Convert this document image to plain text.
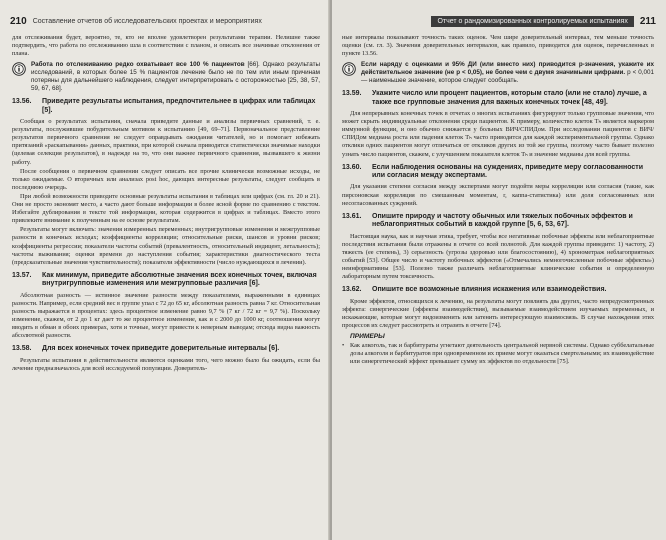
210 Составление отчетов об исследовательских проектах и мероприятиях

для отслеживания будет, вероятно, те, кто не вполне удовлетворен результатами терапии. Нелишне также подтвердить, что работа по отслеживанию шла в соответствии с планом, и описать все значимые отклонения от плана.

Работа по отслеживанию редко охватывает все 100 % пациентов [66]. Однако результаты исследований, в которых более 15 % пациентов лечение было не по тем или иным причинам потеряны для дальнейшего наблюдения, следует интерпретировать с осторожностью [25, 38, 57, 59, 67, 68].
13.56.	Приведите результаты испытания, предпочтительнее в цифрах или таблицах [5].

Сообщая о результатах испытания, сначала приведите данные и анализы первичных сравнений, т. е. результаты, послужившие побудительным мотивом к испытанию [49, 69–71]. Первоначальное представление результатов первичного сравнения не следует оправдывать ожидания читателей, но и помогает избежать притязаний «раскапывания» данных, практики, при которой сначала приводятся статистически значимые находки (целевая селекция результатов), в надежде на то, что они важнее первичного сравнения, вызвавшего к жизни работу.

После сообщения о первичном сравнении следует описать все прочие клинически возможные исходы, не только ожидаемые. О вторичных или анализах post hoc, дающих интересные результаты, следует сообщать в последнюю очередь.

При любой возможности приводите основные результаты испытания в таблицах или цифрах (см. гл. 20 и 21). Они не просто экономят место, а часто дают больше информации в более ясной форме по сравнению с текстом. Избегайте дублирования в тексте той информации, которая содержится в цифрах и таблицах. Вместо этого привлеките внимание к полученным на ее основе результатам.

Результаты могут включать: значения измеренных переменных; внутригрупповые изменения и межгрупповые разности в конечных исходах; коэффициенты корреляции; относительные риски, шансов и уровни рисков; коэффициенты регрессии; показатели частоты событий (превалентность, относительный индицент, летальность); частоты выживания; оценки времени до наступления события; характеристики диагностического теста (предсказательные значения чувствительности); показатели эффективности (число нуждающихся в лечении).

13.57.	Как минимум, приведите абсолютные значения всех конечных точек, включая внутригрупповые изменения или межгрупповые различия [6].

Абсолютная разность — истинное значение разности между показателями, выраженными в единицах разности. Например, если средний вес в группе упал с 72 до 65 кг, абсолютная разность равна 7 кг. Относительная разность выражается в процентах: здесь процентное изменение равно 9,7 % (7 кг / 72 кг = 9,7 %). Поскольку изменение, скажем, от 2 до 1 кг дает то же процентное изменение, как и с 2000 до 1000 кг, соотношения могут вводить в обман в обоих примерах, хотя и точные, могут привести к неверным выводам; отсюда видна важность абсолютной разности.

13.58.	Для всех конечных точек приведите доверительные интервалы [6].

Результаты испытания в действительности являются оценками того, чего можно было бы ожидать, если бы лечение предназначалось для всей исследуемой популяции. Доверитель-

Отчет о рандомизированных контролируемых испытаниях	211

ные интервалы показывают точность таких оценок. Чем шире доверительный интервал, тем меньше точность оценки (см. гл. 3). Значения доверительных интервалов, как правило, приводятся для оценок, перечисленных в пункте 13.56.

Если наряду с оценками и 95% ДИ (или вместо них) приводится p-значения, укажите их действительное значение (не p < 0,05), не более чем с двумя значимыми цифрами. p < 0,001 — наименьшее значение, которое следует сообщать.
13.59.	Укажите число или процент пациентов, которым стало (или не стало) лучше, а также все групповые значения для важных конечных точек [48, 49].

Для непрерывных конечных точек в отчетах о многих испытаниях фигурируют только групповые значения, что может скрыть индивидуальные отклонения среди пациентов. К примеру, количество клеток Tₕ является маркером иммунной функции, и оно обычно снижается у больных ВИЧ/СПИДом. При исследовании пациентов с ВИЧ/СПИДом медиана роста или падения клеток Tₕ часто приводится для каждой экспериментальной группы. Однако отклики одних пациентов могут отличаться от откликов других из той же группы, поэтому часто бывает полезно узнать число пациентов, скажем, с улучшением показателя клеток Tₕ и значение медианы для всей группы.

13.60.	Если наблюдения основаны на суждениях, приведите меру согласованности или согласия между экспертами.

Для указания степени согласия между экспертами могут подойти меры корреляции или согласия (такие, как пирсоновская корреляция по смешанным моментам, r, каппа-статистика) или доля согласованных или несогласованных суждений.

13.61.	Опишите природу и частоту обычных или тяжелых побочных эффектов и неблагоприятных событий в каждой группе [5, 6, 53, 67].

Настоящая наука, как и научная этика, требует, чтобы все негативные побочные эффекты или неблагоприятные последствия испытания были отражены в отчете со всей полнотой. Для каждой группы приведите: 1) частоту, 2) тяжесть (ее степень), 3) серьезность (угрозы здоровью или благосостоянию), 4) хронометраж неблагоприятных событий [53]. Общее число и частоту побочных эффектов («Отмечались немногочисленные побочные эффекты») неинформативны [53]. Полезно также различать неблагоприятные клинические события и определенную лабораторным путем токсичность.

13.62.	Опишите все возможные влияния искажения или взаимодействия.

Кроме эффектов, относящихся к лечению, на результаты могут повлиять два других, часто непредусмотренных эффекта: синергические (эффекты взаимодействия), вызываемые взаимодействием изучаемых переменных, и искажающие, которые могут видоизменить или затенить интересующую взаимосвязь. В случае нахождения этих процессов их следует рассмотреть и отразить в отчете [74].

ПРИМЕРЫ
• Как алкоголь, так и барбитураты угнетают деятельность центральной нервной системы. Однако суббелатальные дозы алкоголя и барбитуратов при одновременном их приеме могут оказаться смертельными; их взаимодействие или синергетический эффект превышает сумму их эффектов по отдельности [75].
